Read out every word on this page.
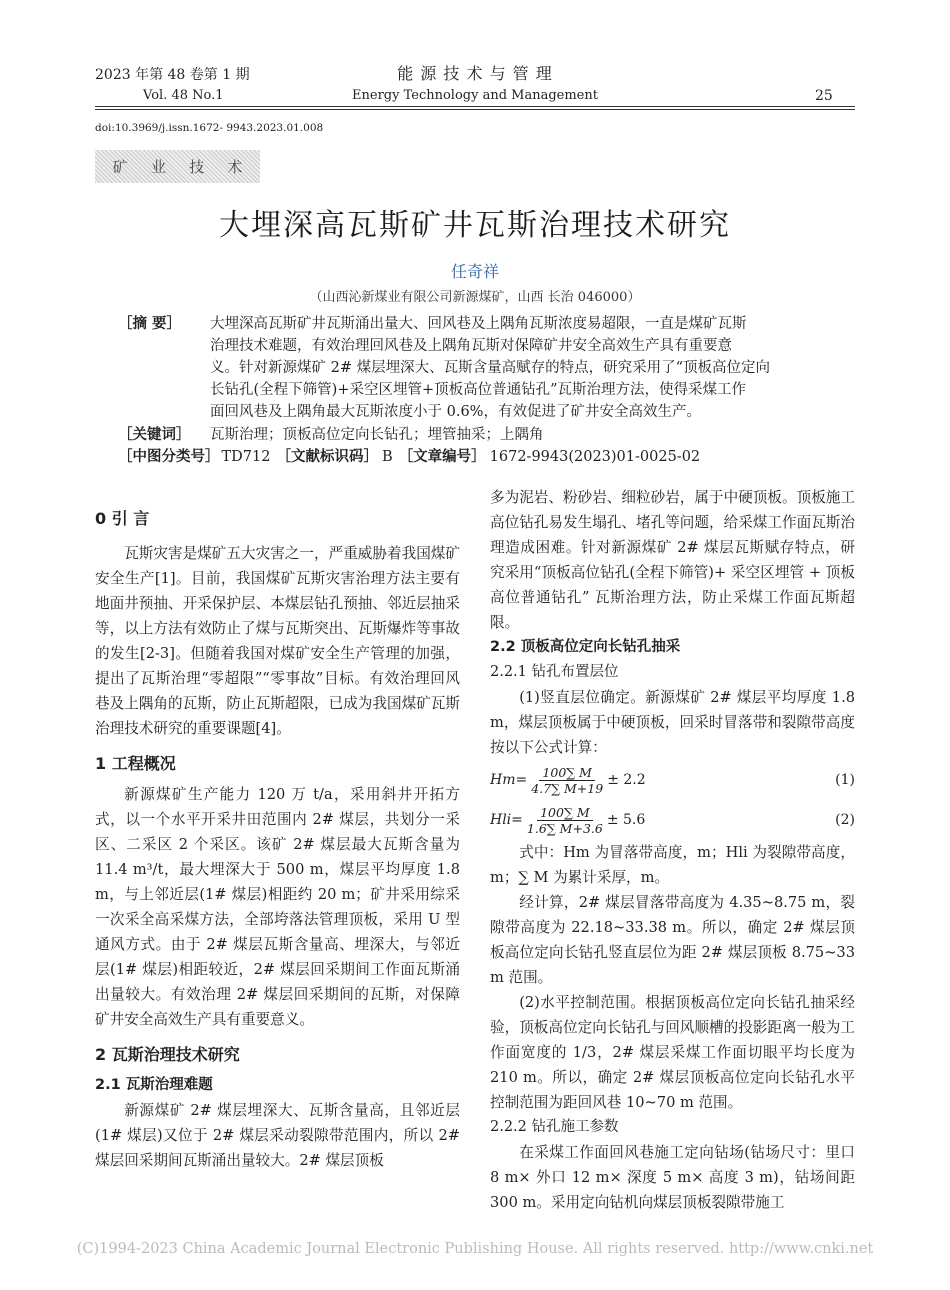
2023 年第 48 卷第 1 期
Vol. 48 No.1
能 源 技 术 与 管 理
Energy Technology and Management	25
doi:10.3969/j.issn.1672- 9943.2023.01.008
矿 业 技 术
大埋深高瓦斯矿井瓦斯治理技术研究
任奇祥
（山西沁新煤业有限公司新源煤矿，山西 长治 046000）
［摘 要］	大埋深高瓦斯矿井瓦斯涌出量大、回风巷及上隅角瓦斯浓度易超限，一直是煤矿瓦斯
治理技术难题，有效治理回风巷及上隅角瓦斯对保障矿井安全高效生产具有重要意
义。针对新源煤矿 2# 煤层埋深大、瓦斯含量高赋存的特点，研究采用了“顶板高位定向
长钻孔(全程下筛管)+采空区埋管+顶板高位普通钻孔”瓦斯治理方法，使得采煤工作
面回风巷及上隅角最大瓦斯浓度小于 0.6%，有效促进了矿井安全高效生产。
［关键词］	瓦斯治理；顶板高位定向长钻孔；埋管抽采；上隅角
［中图分类号］ TD712 ［文献标识码］ B ［文章编号］ 1672-9943(2023)01-0025-02
0 引 言

瓦斯灾害是煤矿五大灾害之一，严重威胁着我国煤矿安全生产[1]。目前，我国煤矿瓦斯灾害治理方法主要有地面井预抽、开采保护层、本煤层钻孔预抽、邻近层抽采等，以上方法有效防止了煤与瓦斯突出、瓦斯爆炸等事故的发生[2-3]。但随着我国对煤矿安全生产管理的加强，提出了瓦斯治理“零超限”“零事故”目标。有效治理回风巷及上隅角的瓦斯，防止瓦斯超限，已成为我国煤矿瓦斯治理技术研究的重要课题[4]。

1 工程概况

新源煤矿生产能力 120 万 t/a，采用斜井开拓方式，以一个水平开采井田范围内 2# 煤层，共划分一采区、二采区 2 个采区。该矿 2# 煤层最大瓦斯含量为 11.4 m³/t，最大埋深大于 500 m，煤层平均厚度 1.8 m，与上邻近层(1# 煤层)相距约 20 m；矿井采用综采一次采全高采煤方法，全部垮落法管理顶板，采用 U 型通风方式。由于 2# 煤层瓦斯含量高、埋深大，与邻近层(1# 煤层)相距较近，2# 煤层回采期间工作面瓦斯涌出量较大。有效治理 2# 煤层回采期间的瓦斯，对保障矿井安全高效生产具有重要意义。

2 瓦斯治理技术研究
2.1 瓦斯治理难题

新源煤矿 2# 煤层埋深大、瓦斯含量高，且邻近层(1# 煤层)又位于 2# 煤层采动裂隙带范围内，所以 2# 煤层回采期间瓦斯涌出量较大。2# 煤层顶板

多为泥岩、粉砂岩、细粒砂岩，属于中硬顶板。顶板施工高位钻孔易发生塌孔、堵孔等问题，给采煤工作面瓦斯治理造成困难。针对新源煤矿 2# 煤层瓦斯赋存特点，研究采用“顶板高位钻孔(全程下筛管)+ 采空区埋管 + 顶板高位普通钻孔” 瓦斯治理方法，防止采煤工作面瓦斯超限。

2.2 顶板高位定向长钻孔抽采
2.2.1 钻孔布置层位

(1)竖直层位确定。新源煤矿 2# 煤层平均厚度 1.8 m，煤层顶板属于中硬顶板，回采时冒落带和裂隙带高度按以下公式计算：

$Hm= \frac{100\sum M}{4.7\sum M+19} \pm 2.2$	(1)
$Hli= \frac{100\sum M}{1.6\sum M+3.6} \pm 5.6$	(2)

式中：Hm 为冒落带高度，m；Hli 为裂隙带高度，m；∑ M 为累计采厚，m。

经计算，2# 煤层冒落带高度为 4.35~8.75 m，裂隙带高度为 22.18~33.38 m。所以，确定 2# 煤层顶板高位定向长钻孔竖直层位为距 2# 煤层顶板 8.75~33 m 范围。

(2)水平控制范围。根据顶板高位定向长钻孔抽采经验，顶板高位定向长钻孔与回风顺槽的投影距离一般为工作面宽度的 1/3，2# 煤层采煤工作面切眼平均长度为 210 m。所以，确定 2# 煤层顶板高位定向长钻孔水平控制范围为距回风巷 10~70 m 范围。

2.2.2 钻孔施工参数

在采煤工作面回风巷施工定向钻场(钻场尺寸：里口 8 m× 外口 12 m× 深度 5 m× 高度 3 m)，钻场间距 300 m。采用定向钻机向煤层顶板裂隙带施工

(C)1994-2023 China Academic Journal Electronic Publishing House. All rights reserved. http://www.cnki.net
